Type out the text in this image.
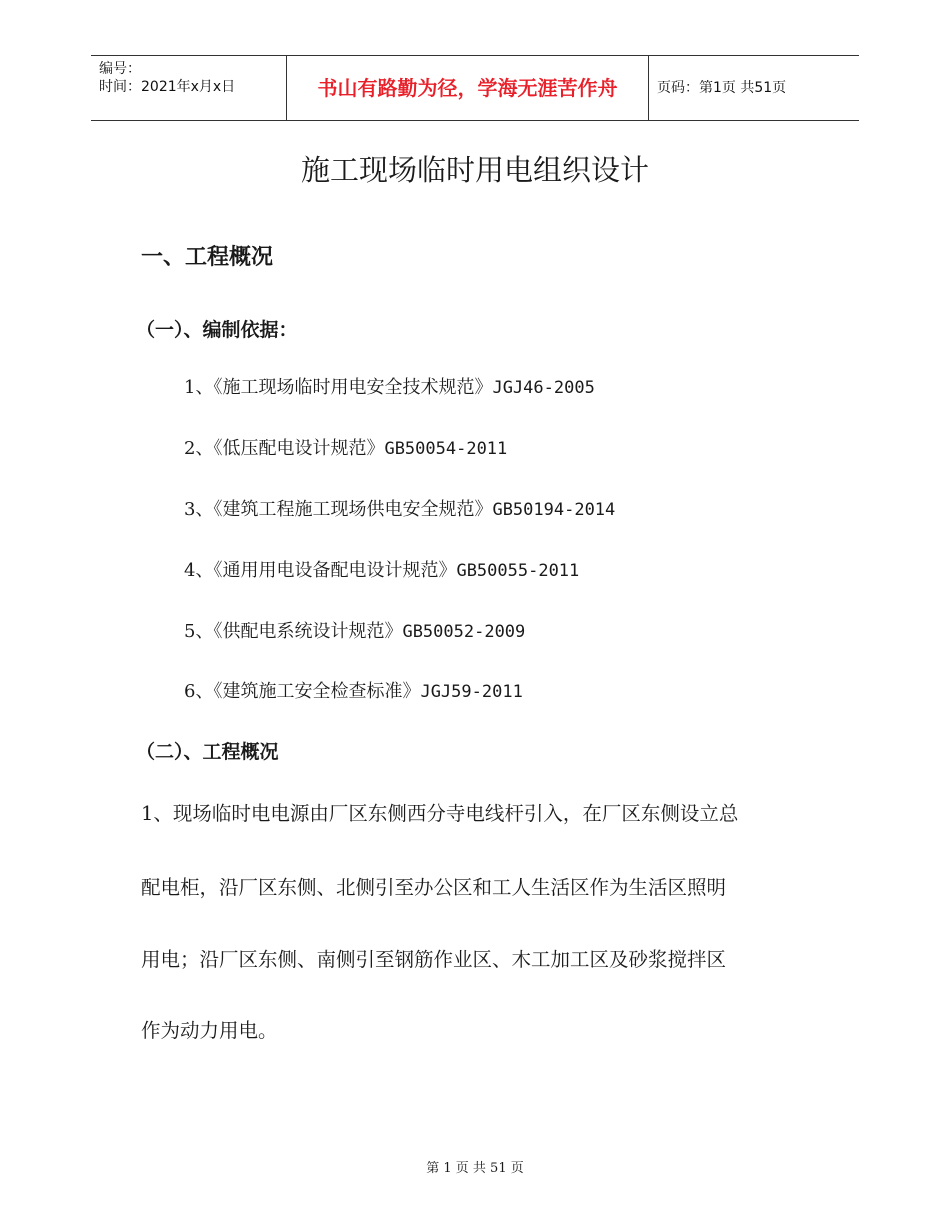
编号：
时间：2021年x月x日	书山有路勤为径，学海无涯苦作舟	页码：第1页 共51页
施工现场临时用电组织设计
一、工程概况
（一）、编制依据：
1、《施工现场临时用电安全技术规范》JGJ46-2005
2、《低压配电设计规范》GB50054-2011
3、《建筑工程施工现场供电安全规范》GB50194-2014
4、《通用用电设备配电设计规范》GB50055-2011
5、《供配电系统设计规范》GB50052-2009
6、《建筑施工安全检查标准》JGJ59-2011
（二）、工程概况
1、现场临时电电源由厂区东侧西分寺电线杆引入，在厂区东侧设立总
配电柜，沿厂区东侧、北侧引至办公区和工人生活区作为生活区照明
用电；沿厂区东侧、南侧引至钢筋作业区、木工加工区及砂浆搅拌区
作为动力用电。
第 1 页 共 51 页
